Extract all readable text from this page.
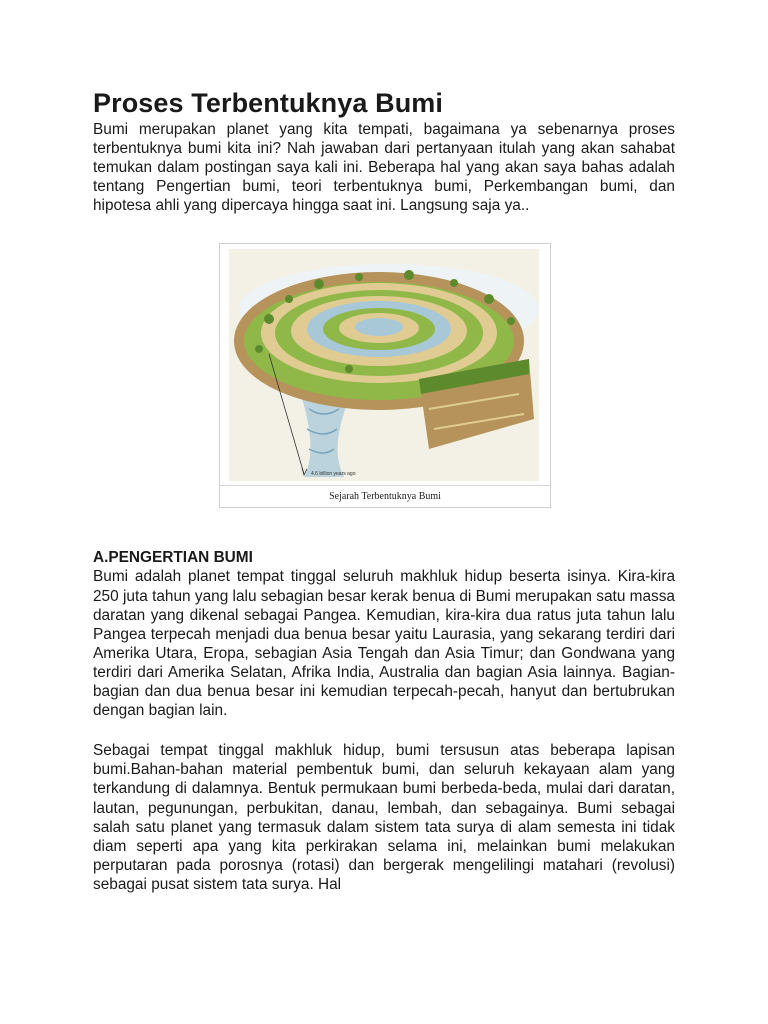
Proses Terbentuknya Bumi

Bumi merupakan planet yang kita tempati, bagaimana ya sebenarnya proses terbentuknya bumi kita ini? Nah jawaban dari pertanyaan itulah yang akan sahabat temukan dalam postingan saya kali ini. Beberapa hal yang akan saya bahas adalah tentang Pengertian bumi, teori terbentuknya bumi, Perkembangan bumi, dan hipotesa ahli yang dipercaya hingga saat ini. Langsung saja ya..

4.6 billion years ago
Sejarah Terbentuknya Bumi
A.PENGERTIAN BUMI

Bumi adalah planet tempat tinggal seluruh makhluk hidup beserta isinya. Kira-kira 250 juta tahun yang lalu sebagian besar kerak benua di Bumi merupakan satu massa daratan yang dikenal sebagai Pangea. Kemudian, kira-kira dua ratus juta tahun lalu Pangea terpecah menjadi dua benua besar yaitu Laurasia, yang sekarang terdiri dari Amerika Utara, Eropa, sebagian Asia Tengah dan Asia Timur; dan Gondwana yang terdiri dari Amerika Selatan, Afrika India, Australia dan bagian Asia lainnya. Bagian-bagian dan dua benua besar ini kemudian terpecah-pecah, hanyut dan bertubrukan dengan bagian lain.

Sebagai tempat tinggal makhluk hidup, bumi tersusun atas beberapa lapisan bumi.Bahan-bahan material pembentuk bumi, dan seluruh kekayaan alam yang terkandung di dalamnya. Bentuk permukaan bumi berbeda-beda, mulai dari daratan, lautan, pegunungan, perbukitan, danau, lembah, dan sebagainya. Bumi sebagai salah satu planet yang termasuk dalam sistem tata surya di alam semesta ini tidak diam seperti apa yang kita perkirakan selama ini, melainkan bumi melakukan perputaran pada porosnya (rotasi) dan bergerak mengelilingi matahari (revolusi) sebagai pusat sistem tata surya. Hal
